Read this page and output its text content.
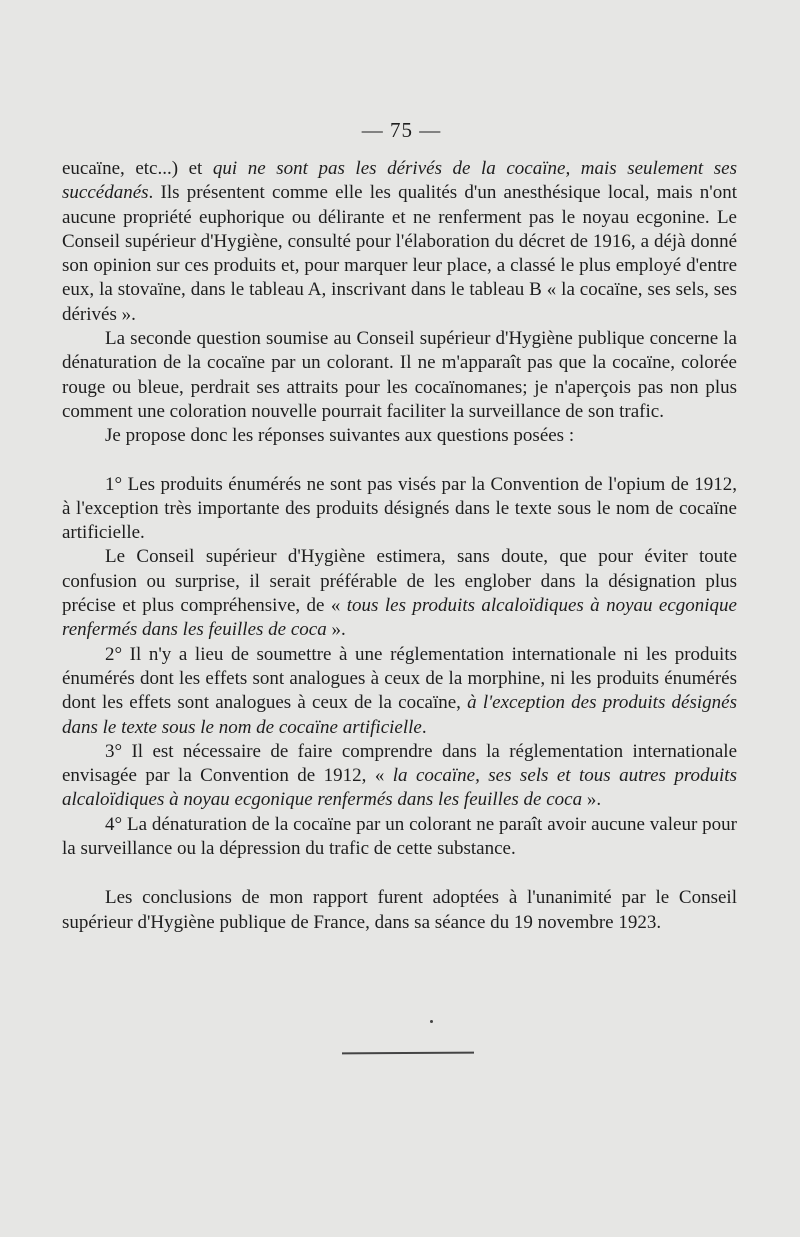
— 75 —

eucaïne, etc...) et qui ne sont pas les dérivés de la cocaïne, mais seulement ses succédanés. Ils présentent comme elle les qualités d'un anesthésique local, mais n'ont aucune propriété euphorique ou délirante et ne renferment pas le noyau ecgonine. Le Conseil supérieur d'Hygiène, consulté pour l'élaboration du décret de 1916, a déjà donné son opinion sur ces produits et, pour marquer leur place, a classé le plus employé d'entre eux, la stovaïne, dans le tableau A, inscrivant dans le tableau B « la cocaïne, ses sels, ses dérivés ».

La seconde question soumise au Conseil supérieur d'Hygiène publique concerne la dénaturation de la cocaïne par un colorant. Il ne m'apparaît pas que la cocaïne, colorée rouge ou bleue, perdrait ses attraits pour les cocaïnomanes; je n'aperçois pas non plus comment une coloration nouvelle pourrait faciliter la surveillance de son trafic.

Je propose donc les réponses suivantes aux questions posées :

1° Les produits énumérés ne sont pas visés par la Convention de l'opium de 1912, à l'exception très importante des produits désignés dans le texte sous le nom de cocaïne artificielle.

Le Conseil supérieur d'Hygiène estimera, sans doute, que pour éviter toute confusion ou surprise, il serait préférable de les englober dans la désignation plus précise et plus compréhensive, de « tous les produits alcaloïdiques à noyau ecgonique renfermés dans les feuilles de coca ».

2° Il n'y a lieu de soumettre à une réglementation internationale ni les produits énumérés dont les effets sont analogues à ceux de la morphine, ni les produits énumérés dont les effets sont analogues à ceux de la cocaïne, à l'exception des produits désignés dans le texte sous le nom de cocaïne artificielle.

3° Il est nécessaire de faire comprendre dans la réglementation internationale envisagée par la Convention de 1912, « la cocaïne, ses sels et tous autres produits alcaloïdiques à noyau ecgonique renfermés dans les feuilles de coca ».

4° La dénaturation de la cocaïne par un colorant ne paraît avoir aucune valeur pour la surveillance ou la dépression du trafic de cette substance.

Les conclusions de mon rapport furent adoptées à l'unanimité par le Conseil supérieur d'Hygiène publique de France, dans sa séance du 19 novembre 1923.
